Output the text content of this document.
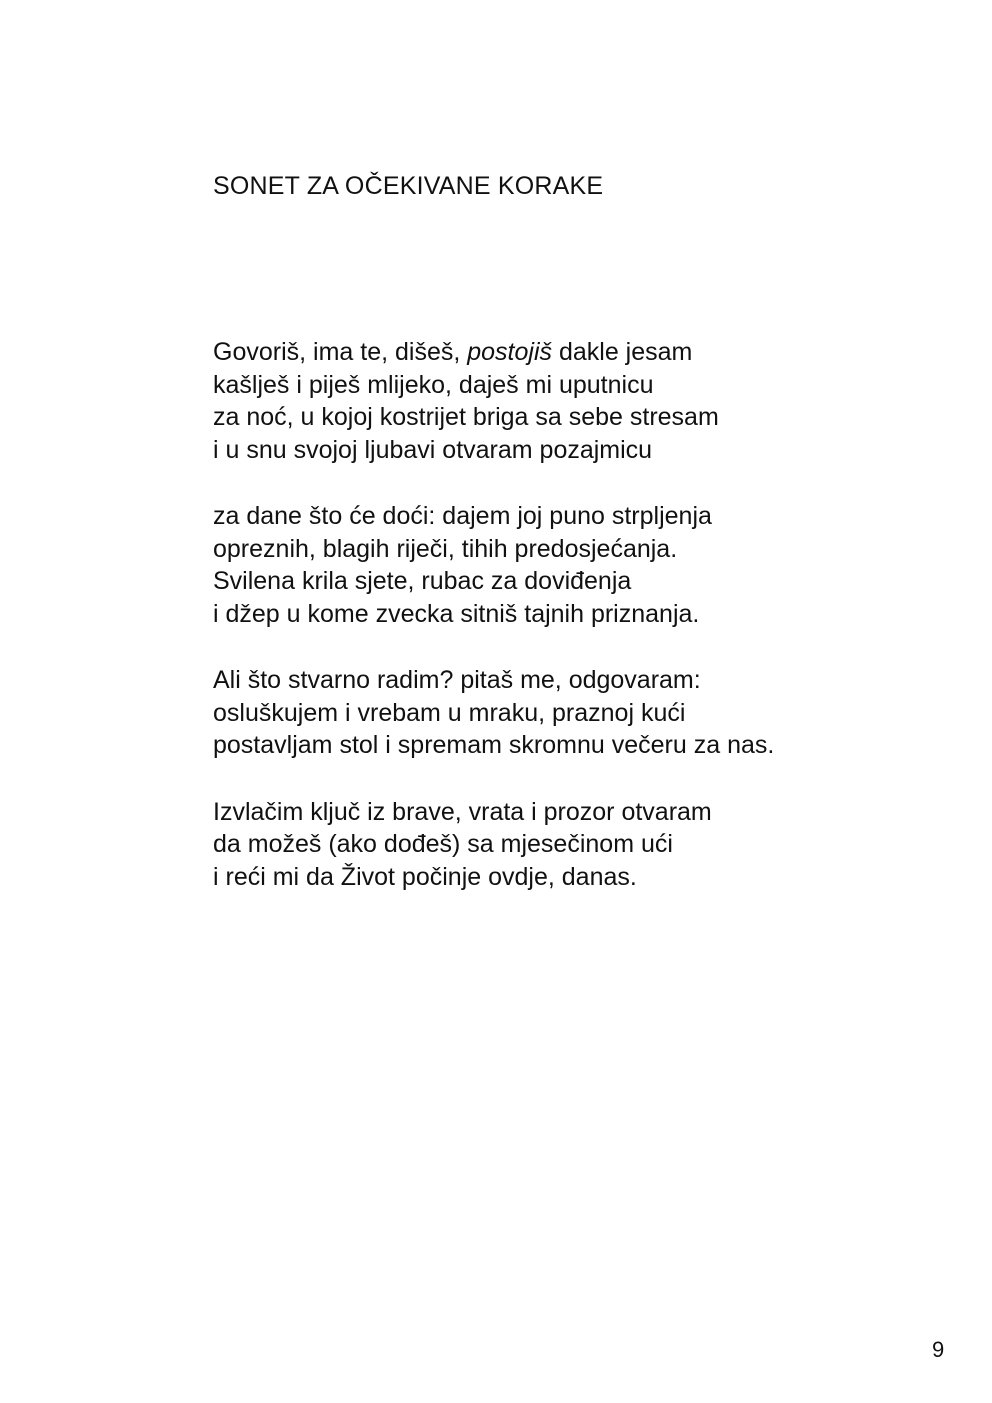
SONET ZA OČEKIVANE KORAKE
Govoriš, ima te, dišeš, postojiš dakle jesam
kašlješ i piješ mlijeko, daješ mi uputnicu
za noć, u kojoj kostrijet briga sa sebe stresam
i u snu svojoj ljubavi otvaram pozajmicu
za dane što će doći: dajem joj puno strpljenja
opreznih, blagih riječi, tihih predosjećanja.
Svilena krila sjete, rubac za doviđenja
i džep u kome zvecka sitniš tajnih priznanja.
Ali što stvarno radim? pitaš me, odgovaram:
osluškujem i vrebam u mraku, praznoj kući
postavljam stol i spremam skromnu večeru za nas.
Izvlačim ključ iz brave, vrata i prozor otvaram
da možeš (ako dođeš) sa mjesečinom ući
i reći mi da Život počinje ovdje, danas.
9
